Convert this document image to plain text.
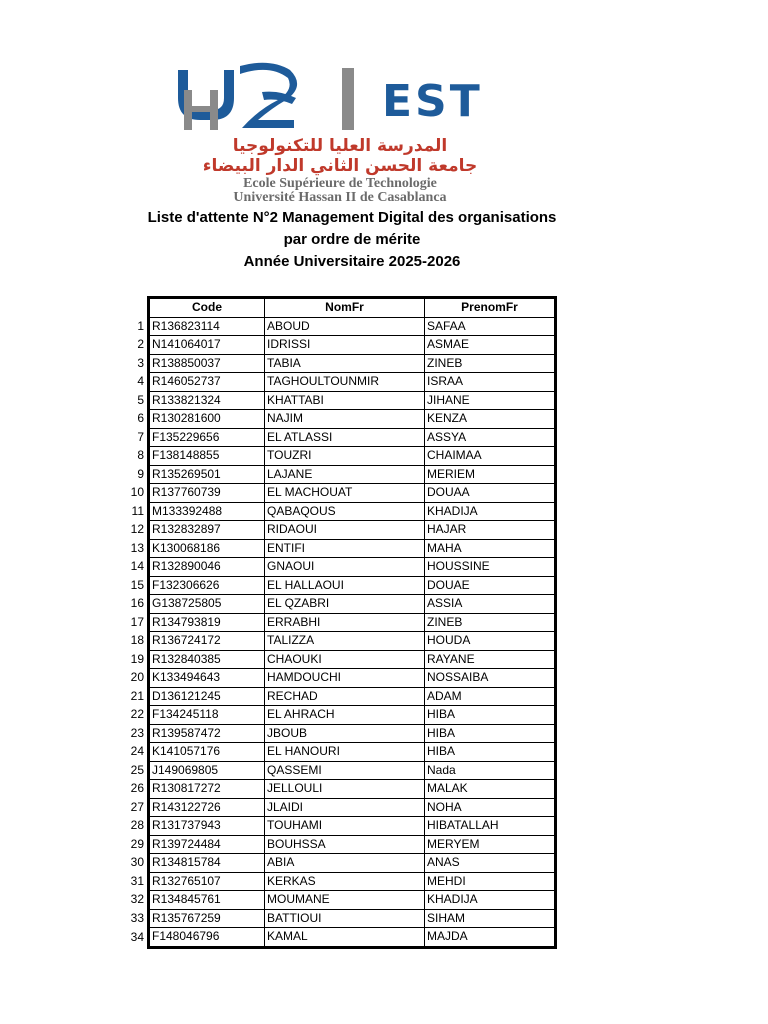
EST
المدرسة العليا للتكنولوجيا
جامعة الحسن الثاني الدار البيضاء
Ecole Supérieure de Technologie
Université Hassan II de Casablanca
Liste d'attente N°2 Management Digital des organisations
par ordre de mérite
Année Universitaire 2025-2026
	Code	NomFr	PrenomFr
1	R136823114	ABOUD	SAFAA
2	N141064017	IDRISSI	ASMAE
3	R138850037	TABIA	ZINEB
4	R146052737	TAGHOULTOUNMIR	ISRAA
5	R133821324	KHATTABI	JIHANE
6	R130281600	NAJIM	KENZA
7	F135229656	EL ATLASSI	ASSYA
8	F138148855	TOUZRI	CHAIMAA
9	R135269501	LAJANE	MERIEM
10	R137760739	EL MACHOUAT	DOUAA
11	M133392488	QABAQOUS	KHADIJA
12	R132832897	RIDAOUI	HAJAR
13	K130068186	ENTIFI	MAHA
14	R132890046	GNAOUI	HOUSSINE
15	F132306626	EL HALLAOUI	DOUAE
16	G138725805	EL QZABRI	ASSIA
17	R134793819	ERRABHI	ZINEB
18	R136724172	TALIZZA	HOUDA
19	R132840385	CHAOUKI	RAYANE
20	K133494643	HAMDOUCHI	NOSSAIBA
21	D136121245	RECHAD	ADAM
22	F134245118	EL AHRACH	HIBA
23	R139587472	JBOUB	HIBA
24	K141057176	EL HANOURI	HIBA
25	J149069805	QASSEMI	Nada
26	R130817272	JELLOULI	MALAK
27	R143122726	JLAIDI	NOHA
28	R131737943	TOUHAMI	HIBATALLAH
29	R139724484	BOUHSSA	MERYEM
30	R134815784	ABIA	ANAS
31	R132765107	KERKAS	MEHDI
32	R134845761	MOUMANE	KHADIJA
33	R135767259	BATTIOUI	SIHAM
34	F148046796	KAMAL	MAJDA
